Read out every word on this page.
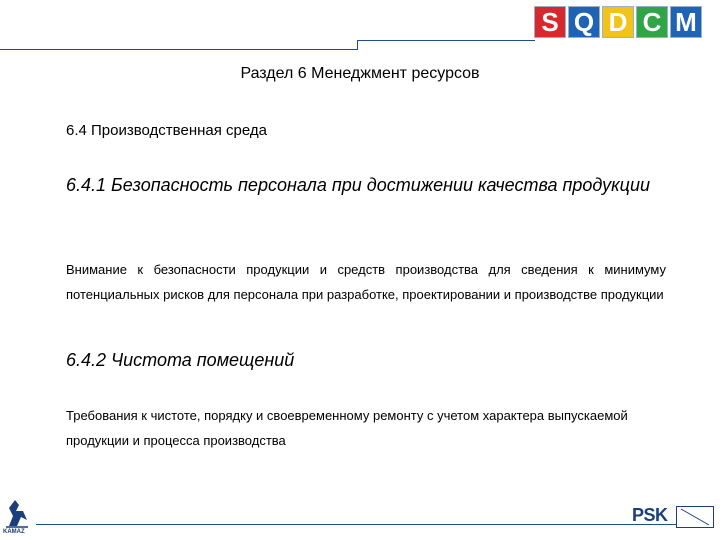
S Q D C M
Раздел 6 Менеджмент ресурсов
6.4 Производственная среда
6.4.1 Безопасность персонала при достижении качества продукции
Внимание к безопасности продукции и средств производства для сведения к минимуму потенциальных рисков для персонала при разработке, проектировании и производстве продукции
6.4.2 Чистота помещений
Требования к чистоте, порядку и своевременному ремонту с учетом характера выпускаемой продукции и процесса производства
KAMAZ
PSK
